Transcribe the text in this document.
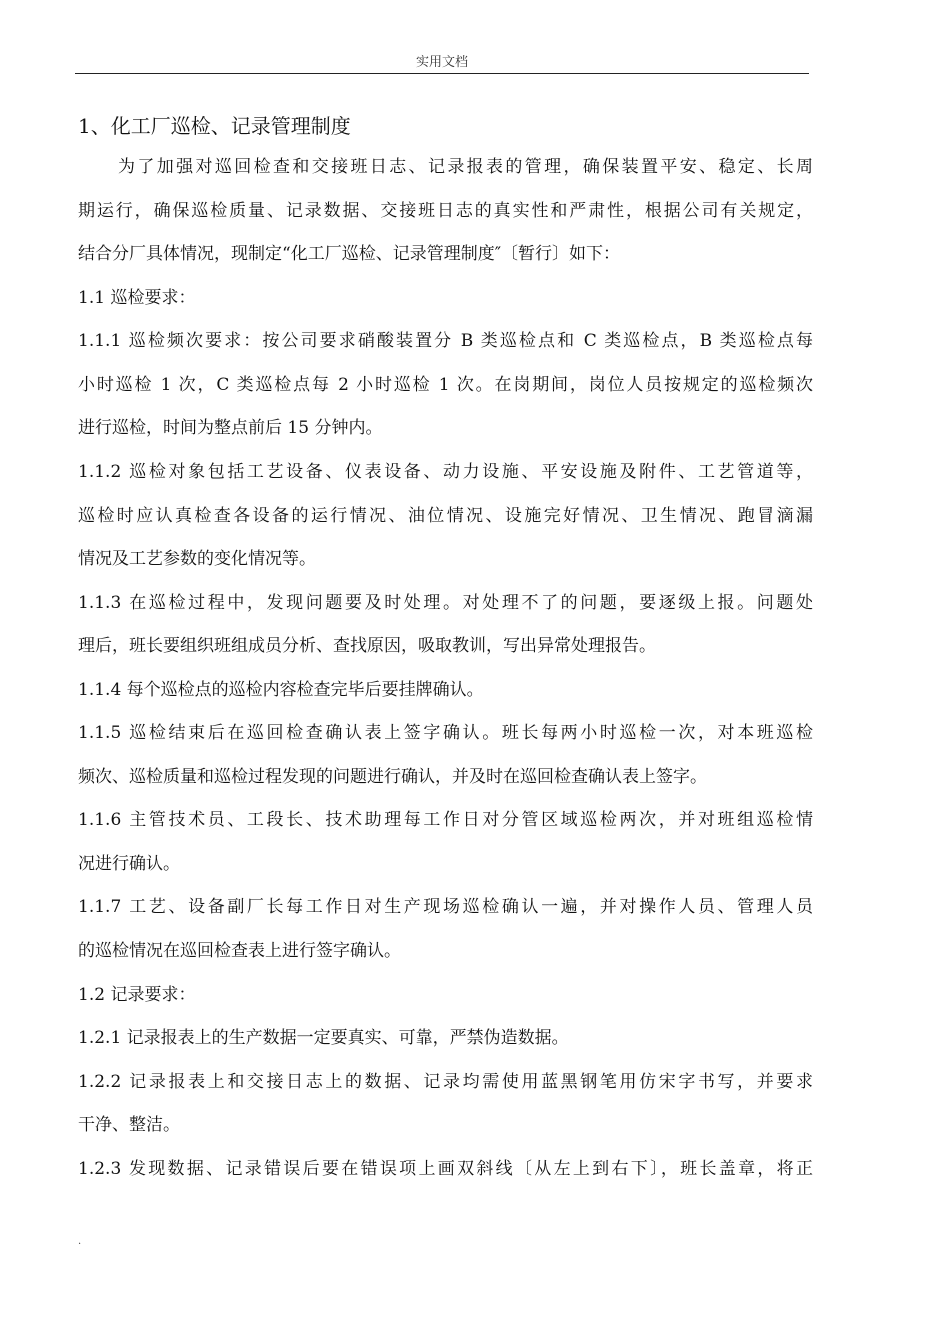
实用文档
1、化工厂巡检、记录管理制度
为了加强对巡回检查和交接班日志、记录报表的管理，确保装置平安、稳定、长周
期运行，确保巡检质量、记录数据、交接班日志的真实性和严肃性，根据公司有关规定，
结合分厂具体情况，现制定“化工厂巡检、记录管理制度″〔暂行〕如下：
1.1 巡检要求：
1.1.1 巡检频次要求：按公司要求硝酸装置分 B 类巡检点和 C 类巡检点，B 类巡检点每
小时巡检 1 次，C 类巡检点每 2 小时巡检 1 次。在岗期间，岗位人员按规定的巡检频次
进行巡检，时间为整点前后 15 分钟内。
1.1.2 巡检对象包括工艺设备、仪表设备、动力设施、平安设施及附件、工艺管道等，
巡检时应认真检查各设备的运行情况、油位情况、设施完好情况、卫生情况、跑冒滴漏
情况及工艺参数的变化情况等。
1.1.3 在巡检过程中，发现问题要及时处理。对处理不了的问题，要逐级上报。问题处
理后，班长要组织班组成员分析、查找原因，吸取教训，写出异常处理报告。
1.1.4 每个巡检点的巡检内容检查完毕后要挂牌确认。
1.1.5 巡检结束后在巡回检查确认表上签字确认。班长每两小时巡检一次，对本班巡检
频次、巡检质量和巡检过程发现的问题进行确认，并及时在巡回检查确认表上签字。
1.1.6 主管技术员、工段长、技术助理每工作日对分管区域巡检两次，并对班组巡检情
况进行确认。
1.1.7 工艺、设备副厂长每工作日对生产现场巡检确认一遍，并对操作人员、管理人员
的巡检情况在巡回检查表上进行签字确认。
1.2 记录要求：
1.2.1 记录报表上的生产数据一定要真实、可靠，严禁伪造数据。
1.2.2 记录报表上和交接日志上的数据、记录均需使用蓝黑钢笔用仿宋字书写，并要求
干净、整洁。
1.2.3 发现数据、记录错误后要在错误项上画双斜线〔从左上到右下〕，班长盖章，将正
.
